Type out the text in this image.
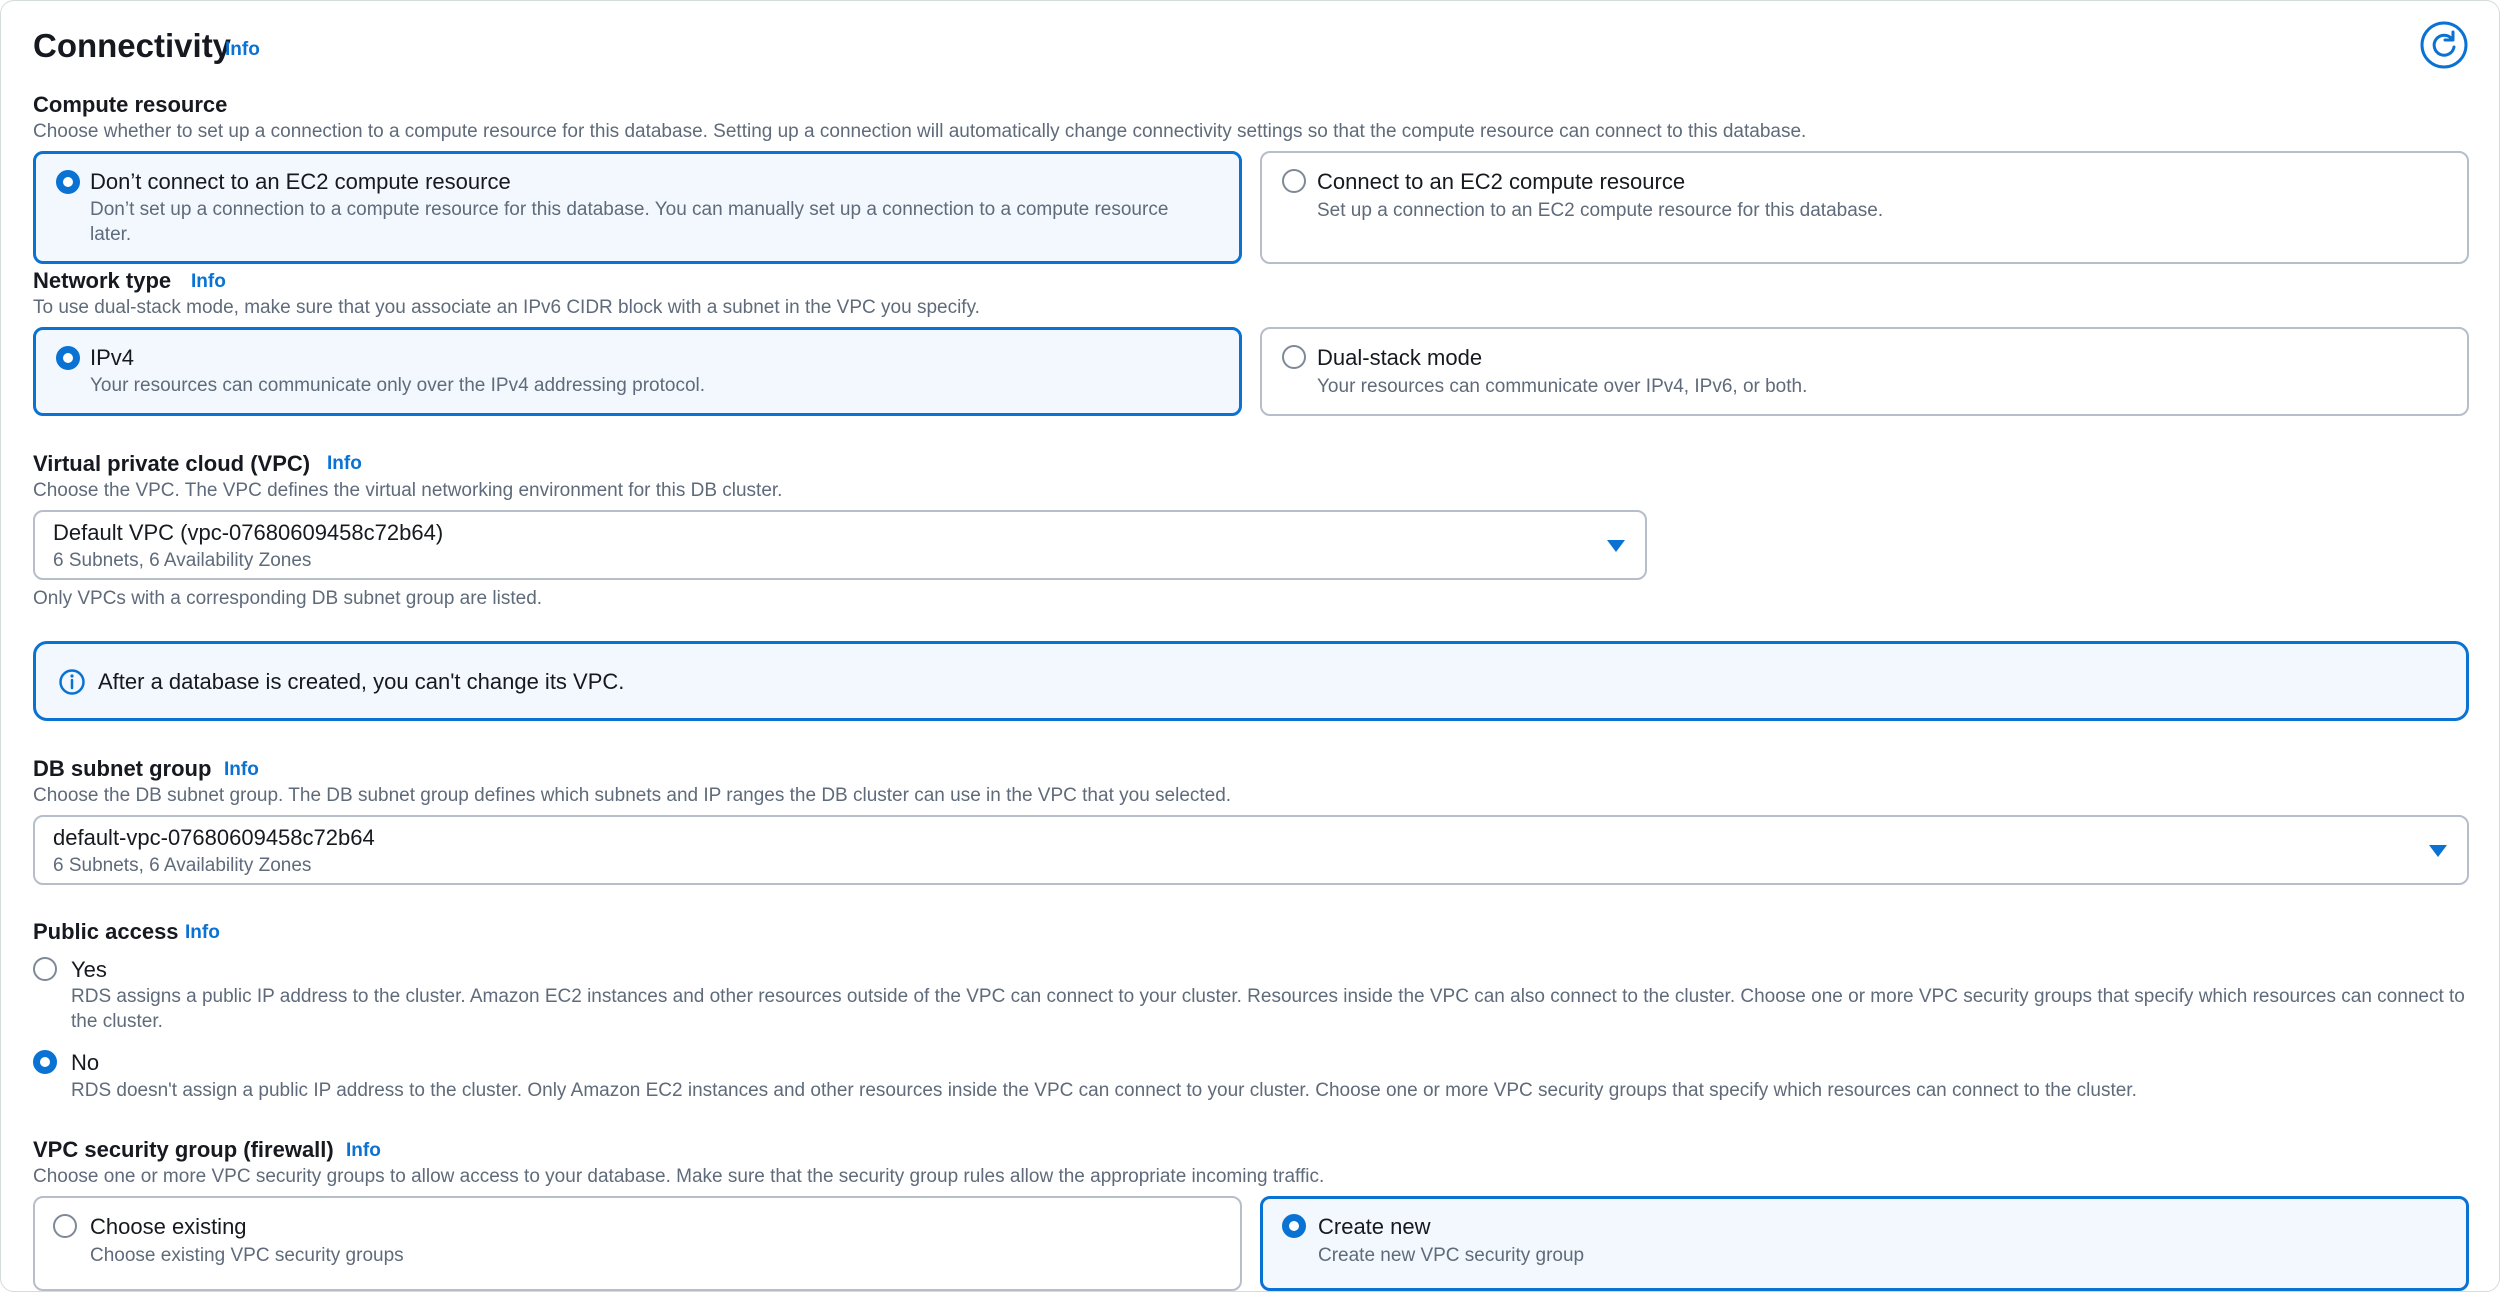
Connectivity
Info
Compute resource
Choose whether to set up a connection to a compute resource for this database. Setting up a connection will automatically change connectivity settings so that the compute resource can connect to this database.
Don’t connect to an EC2 compute resource
Don’t set up a connection to a compute resource for this database. You can manually set up a connection to a compute resource
later.
Connect to an EC2 compute resource
Set up a connection to an EC2 compute resource for this database.
Network type Info
To use dual-stack mode, make sure that you associate an IPv6 CIDR block with a subnet in the VPC you specify.
IPv4
Your resources can communicate only over the IPv4 addressing protocol.
Dual-stack mode
Your resources can communicate over IPv4, IPv6, or both.
Virtual private cloud (VPC) Info
Choose the VPC. The VPC defines the virtual networking environment for this DB cluster.
Default VPC (vpc-07680609458c72b64)
6 Subnets, 6 Availability Zones
Only VPCs with a corresponding DB subnet group are listed.
After a database is created, you can't change its VPC.
DB subnet group Info
Choose the DB subnet group. The DB subnet group defines which subnets and IP ranges the DB cluster can use in the VPC that you selected.
default-vpc-07680609458c72b64
6 Subnets, 6 Availability Zones
Public access Info
Yes
RDS assigns a public IP address to the cluster. Amazon EC2 instances and other resources outside of the VPC can connect to your cluster. Resources inside the VPC can also connect to the cluster. Choose one or more VPC security groups that specify which resources can connect to
the cluster.
No
RDS doesn't assign a public IP address to the cluster. Only Amazon EC2 instances and other resources inside the VPC can connect to your cluster. Choose one or more VPC security groups that specify which resources can connect to the cluster.
VPC security group (firewall) Info
Choose one or more VPC security groups to allow access to your database. Make sure that the security group rules allow the appropriate incoming traffic.
Choose existing
Choose existing VPC security groups
Create new
Create new VPC security group
